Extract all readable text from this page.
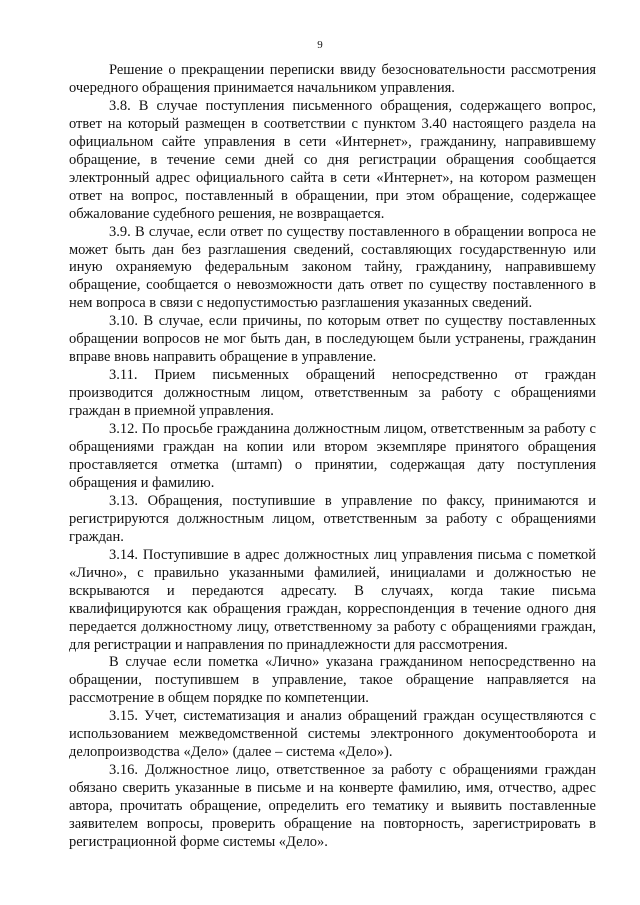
9

Решение о прекращении переписки ввиду безосновательности рассмотрения очередного обращения принимается начальником управления.

3.8. В случае поступления письменного обращения, содержащего вопрос, ответ на который размещен в соответствии с пунктом 3.40 настоящего раздела на официальном сайте управления в сети «Интернет», гражданину, направившему обращение, в течение семи дней со дня регистрации обращения сообщается электронный адрес официального сайта в сети «Интернет», на котором размещен ответ на вопрос, поставленный в обращении, при этом обращение, содержащее обжалование судебного решения, не возвращается.

3.9. В случае, если ответ по существу поставленного в обращении вопроса не может быть дан без разглашения сведений, составляющих государственную или иную охраняемую федеральным законом тайну, гражданину, направившему обращение, сообщается о невозможности дать ответ по существу поставленного в нем вопроса в связи с недопустимостью разглашения указанных сведений.

3.10. В случае, если причины, по которым ответ по существу поставленных обращении вопросов не мог быть дан, в последующем были устранены, гражданин вправе вновь направить обращение в управление.

3.11. Прием письменных обращений непосредственно от граждан производится должностным лицом, ответственным за работу с обращениями граждан в приемной управления.

3.12. По просьбе гражданина должностным лицом, ответственным за работу с обращениями граждан на копии или втором экземпляре принятого обращения проставляется отметка (штамп) о принятии, содержащая дату поступления обращения и фамилию.

3.13. Обращения, поступившие в управление по факсу, принимаются и регистрируются должностным лицом, ответственным за работу с обращениями граждан.

3.14. Поступившие в адрес должностных лиц управления письма с пометкой «Лично», с правильно указанными фамилией, инициалами и должностью не вскрываются и передаются адресату. В случаях, когда такие письма квалифицируются как обращения граждан, корреспонденция в течение одного дня передается должностному лицу, ответственному за работу с обращениями граждан, для регистрации и направления по принадлежности для рассмотрения.

В случае если пометка «Лично» указана гражданином непосредственно на обращении, поступившем в управление, такое обращение направляется на рассмотрение в общем порядке по компетенции.

3.15. Учет, систематизация и анализ обращений граждан осуществляются с использованием межведомственной системы электронного документооборота и делопроизводства «Дело» (далее – система «Дело»).

3.16. Должностное лицо, ответственное за работу с обращениями граждан обязано сверить указанные в письме и на конверте фамилию, имя, отчество, адрес автора, прочитать обращение, определить его тематику и выявить поставленные заявителем вопросы, проверить обращение на повторность, зарегистрировать в регистрационной форме системы «Дело».
